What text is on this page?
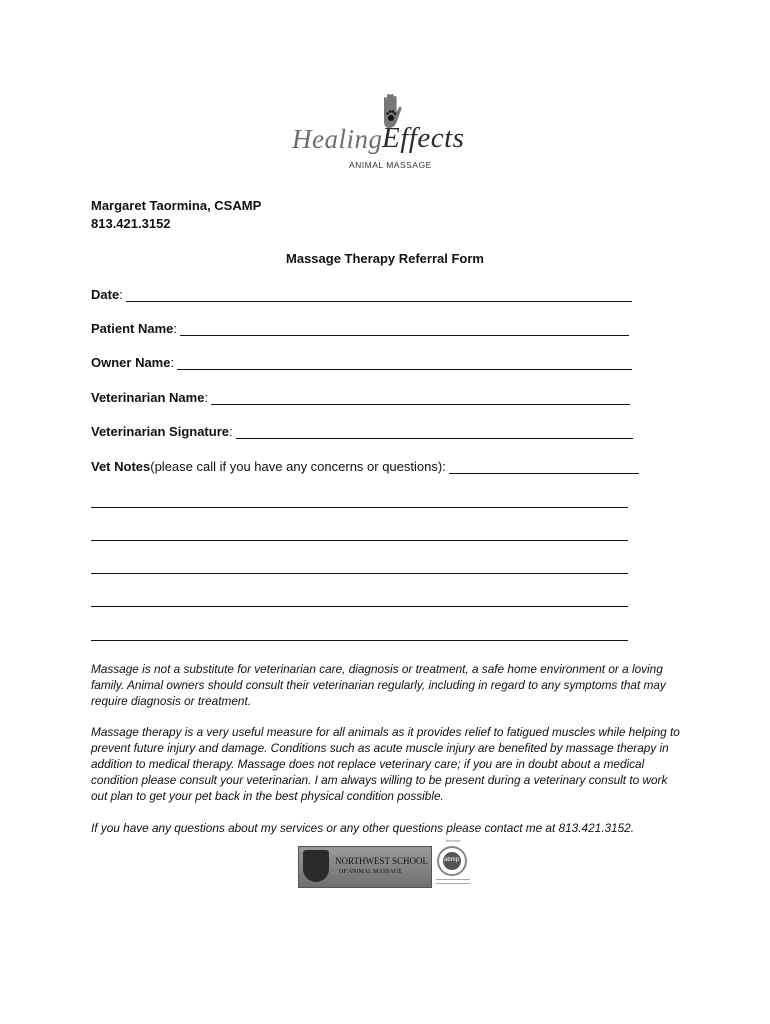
Healing Effects
ANIMAL MASSAGE
Margaret Taormina, CSAMP
813.421.3152
Massage Therapy Referral Form
Date :
Patient Name :
Owner Name :
Veterinarian Name :
Veterinarian Signature :
Vet Notes (please call if you have any concerns or questions):
Massage is not a substitute for veterinarian care, diagnosis or treatment, a safe home environment or a loving family. Animal owners should consult their veterinarian regularly, including in regard to any symptoms that may require diagnosis or treatment.
Massage therapy is a very useful measure for all animals as it provides relief to fatigued muscles while helping to prevent future injury and damage. Conditions such as acute muscle injury are benefited by massage therapy in addition to medical therapy. Massage does not replace veterinary care; if you are in doubt about a medical condition please consult your veterinarian. I am always willing to be present during a veterinary consult to work out plan to get your pet back in the best physical condition possible.
If you have any questions about my services or any other questions please contact me at 813.421.3152.
NORTHWEST SCHOOL
OF ANIMAL MASSAGE
member
abmp
